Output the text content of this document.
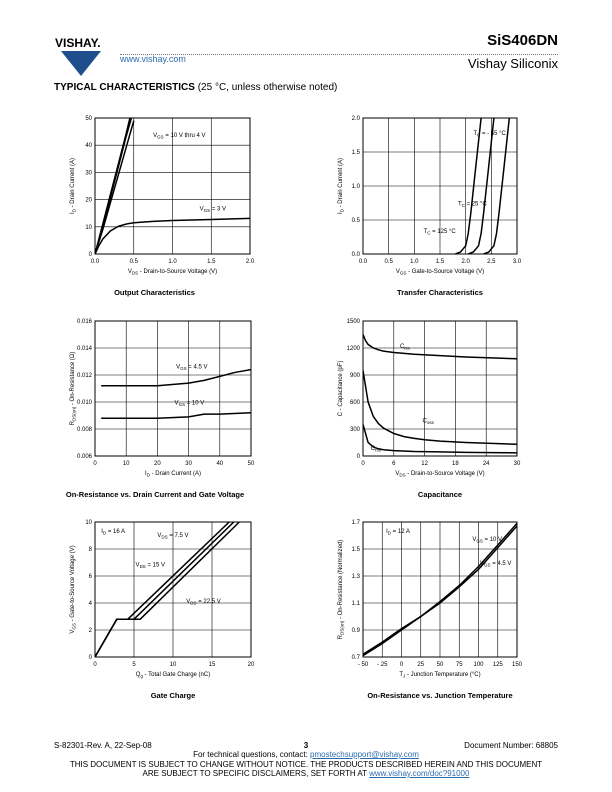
VISHAY.
www.vishay.com
SiS406DN
Vishay Siliconix
TYPICAL CHARACTERISTICS (25 °C, unless otherwise noted)
0.0	0.5	1.0	1.5	2.0
0
10
20
30
40
50
$V_{GS} = 10$ V thru 4 V
$V_{GS} = 3$ V
$V_{DS}$ - Drain-to-Source Voltage (V)
$I_D$ - Drain Current (A)
Output Characteristics
0.0	0.5	1.0	1.5	2.0	2.5	3.0
0.0
0.5
1.0
1.5
2.0
$T_C$ = - 55 °C
$T_C = 25$ °C
$T_C = 125$ °C
$V_{GS}$ - Gate-to-Source Voltage (V)
$I_D$ - Drain Current (A)
Transfer Characteristics
0	10	20	30	40	50
0.006
0.008
0.010
0.012
0.014
0.016
$V_{GS} = 4.5$ V
$V_{GS} = 10$ V
$I_D$ - Drain Current (A)
$R_{DS(on)}$ - On-Resistance (Ω)
On-Resistance vs. Drain Current and Gate Voltage
0	6	12	18	24	30
0
300
600
900
1200
1500
$C_{iss}$
$C_{oss}$
$C_{rss}$
$V_{DS}$ - Drain-to-Source Voltage (V)
C - Capacitance (pF)
Capacitance
0	5	10	15	20
0
2
4
6
8
10
$I_D = 16$ A
$V_{DS} = 7.5$ V
$V_{DS} = 15$ V
$V_{DS} = 22.5$ V
$Q_g$ - Total Gate Charge (nC)
$V_{GS}$ - Gate-to-Source Voltage (V)
Gate Charge
- 50 - 25 0 25 50 75 100 125 150
0.7
0.9
1.1
1.3
1.5
1.7
$I_D = 12$ A
$V_{GS} = 10$ V
$V_{GS} = 4.5$ V
$T_J$ - Junction Temperature (°C)
$R_{DS(on)}$ - On-Resistance (Normalized)
On-Resistance vs. Junction Temperature
S-82301-Rev. A, 22-Sep-08	3	Document Number: 68805
For technical questions, contact: pmostechsupport@vishay.com
THIS DOCUMENT IS SUBJECT TO CHANGE WITHOUT NOTICE. THE PRODUCTS DESCRIBED HEREIN AND THIS DOCUMENT
ARE SUBJECT TO SPECIFIC DISCLAIMERS, SET FORTH AT www.vishay.com/doc?91000
